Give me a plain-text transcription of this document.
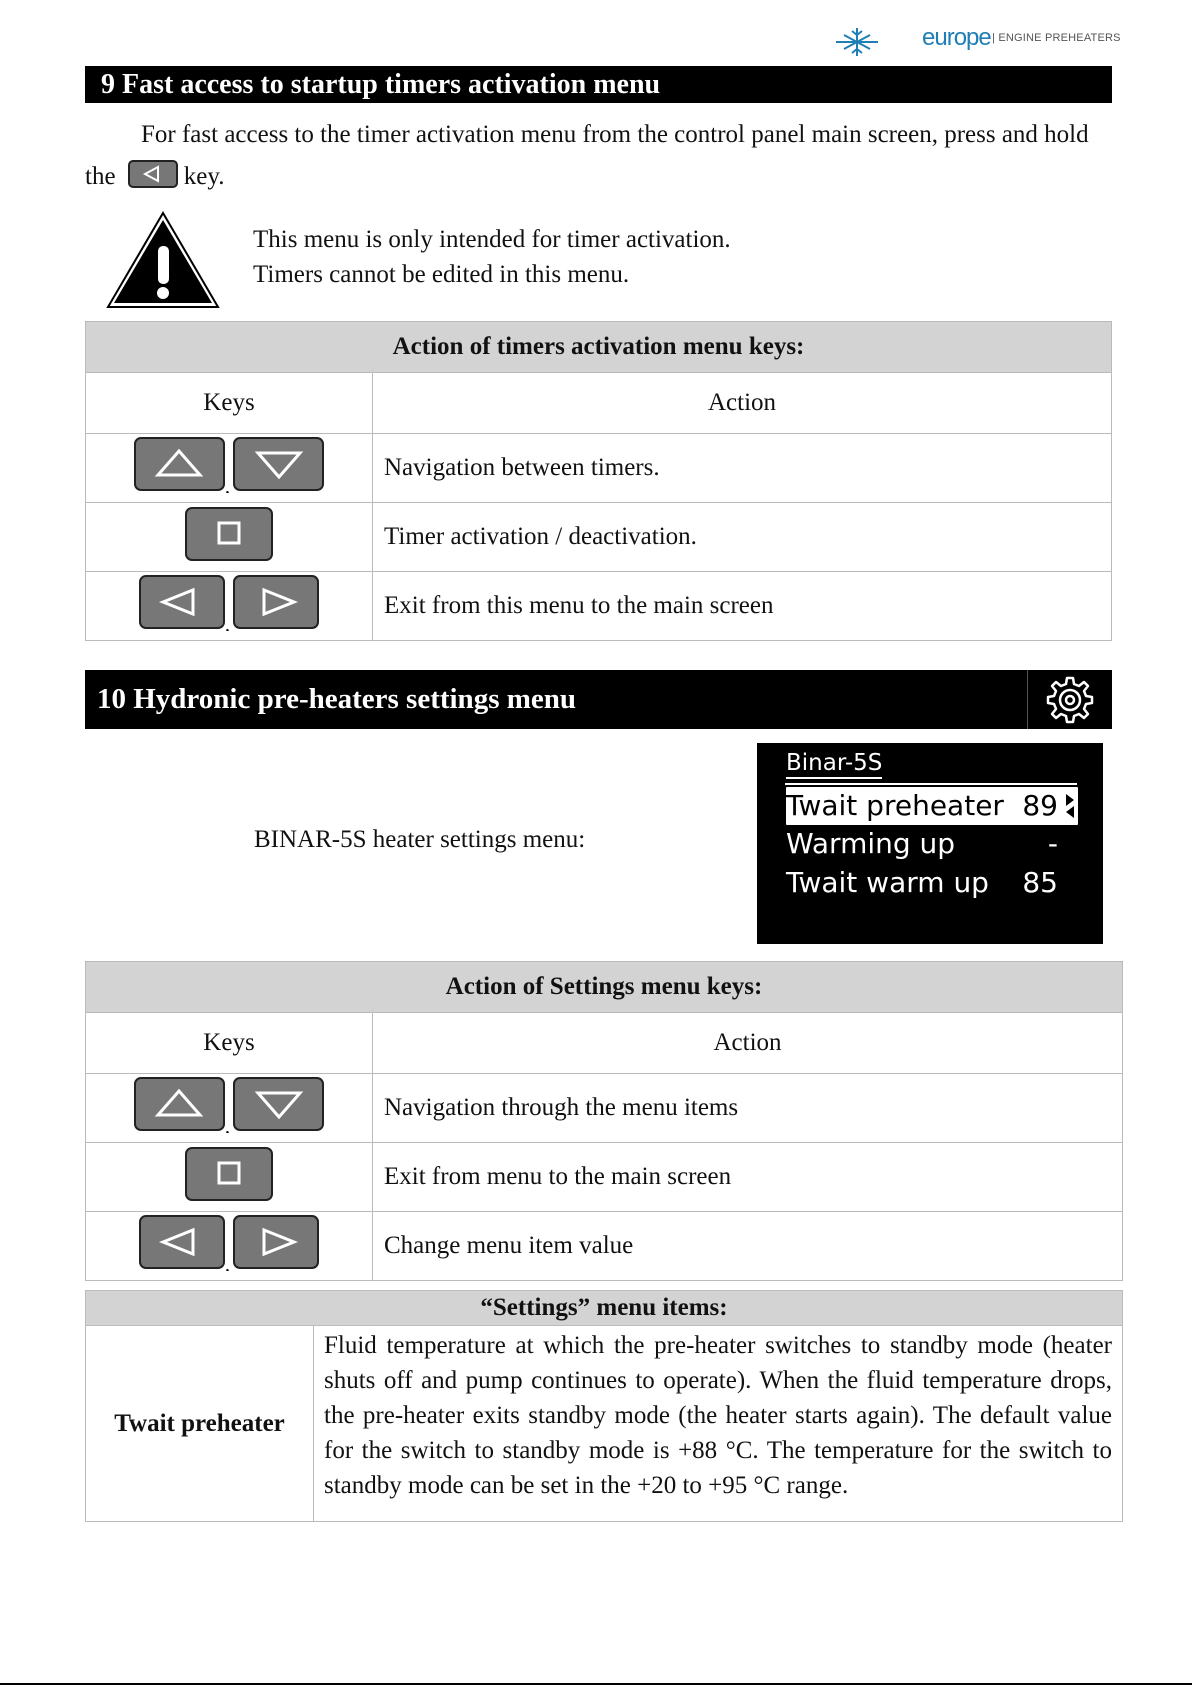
europe | ENGINE PREHEATERS
9 Fast access to startup timers activation menu
For fast access to the timer activation menu from the control panel main screen, press and hold the	key.
This menu is only intended for timer activation.
Timers cannot be edited in this menu.
Action of timers activation menu keys:	
Keys	Action

,	Navigation between timers.
	Timer activation / deactivation.

,	Exit from this menu to the main screen
10 Hydronic pre-heaters settings menu
BINAR-5S heater settings menu:
Binar-5S
Twait preheater 89
Warming up	-
Twait warm up 85
Action of Settings menu keys:	
Keys	Action

,	Navigation through the menu items
	Exit from menu to the main screen

,	Change menu item value
“Settings” menu items:
Twait preheater	Fluid temperature at which the pre-heater switches to standby mode (heater shuts off and pump continues to operate). When the fluid temperature drops, the pre-heater exits standby mode (the heater starts again). The default value for the switch to standby mode is +88 °C. The temperature for the switch to standby mode can be set in the +20 to +95 °C range.
